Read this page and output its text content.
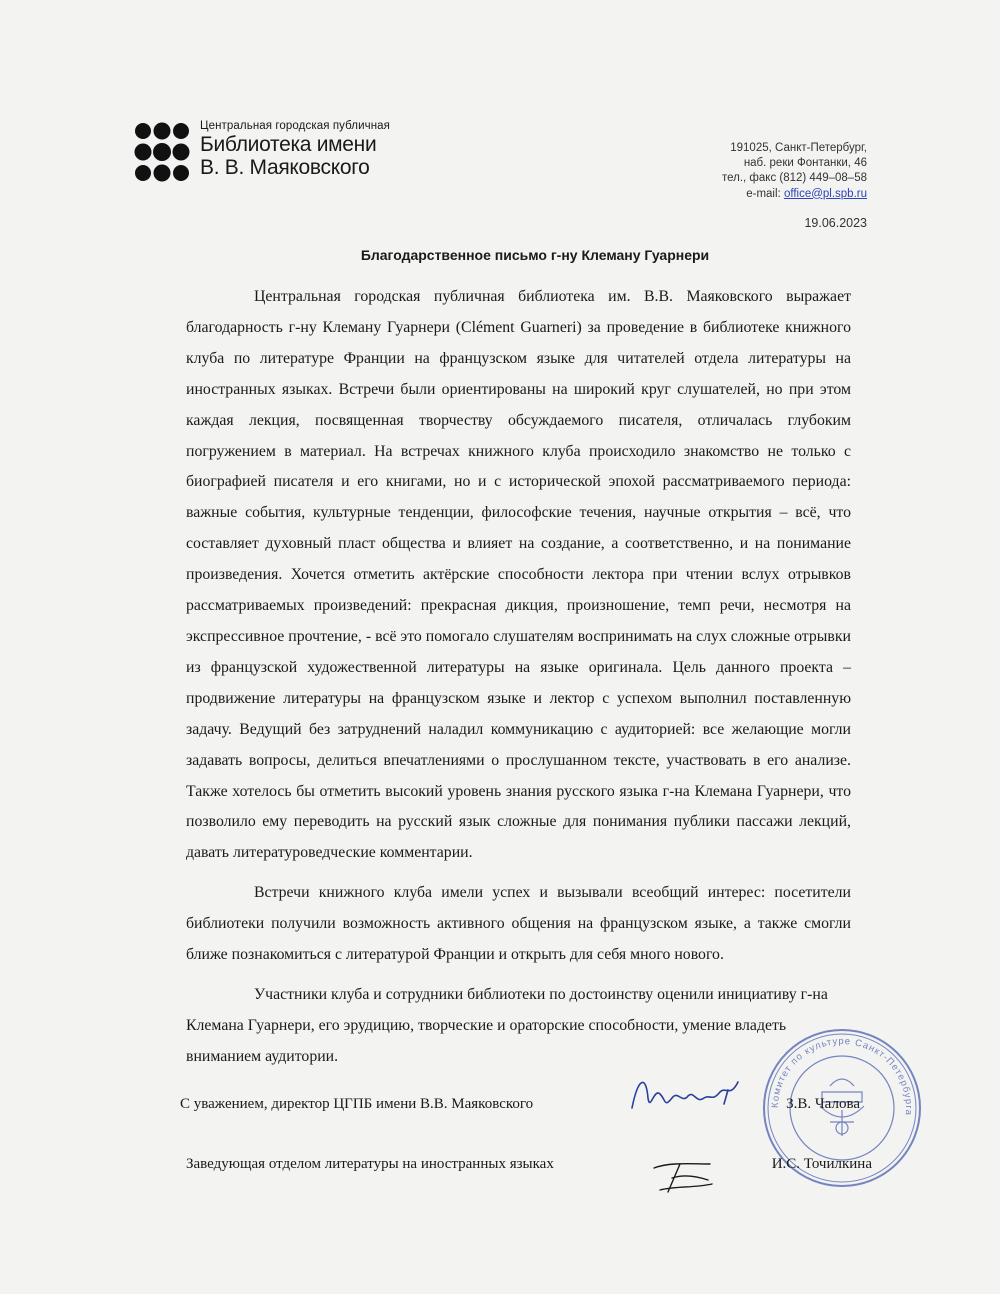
Центральная городская публичная
Библиотека имени
В. В. Маяковского
191025, Санкт-Петербург,
наб. реки Фонтанки, 46
тел., факс (812) 449–08–58
e-mail: office@pl.spb.ru
19.06.2023
Благодарственное письмо г-ну Клеману Гуарнери

Центральная городская публичная библиотека им. В.В. Маяковского выражает благодарность г-ну Клеману Гуарнери (Clément Guarneri) за проведение в библиотеке книжного клуба по литературе Франции на французском языке для читателей отдела литературы на иностранных языках. Встречи были ориентированы на широкий круг слушателей, но при этом каждая лекция, посвященная творчеству обсуждаемого писателя, отличалась глубоким погружением в материал. На встречах книжного клуба происходило знакомство не только с биографией писателя и его книгами, но и с исторической эпохой рассматриваемого периода: важные события, культурные тенденции, философские течения, научные открытия – всё, что составляет духовный пласт общества и влияет на создание, а соответственно, и на понимание произведения. Хочется отметить актёрские способности лектора при чтении вслух отрывков рассматриваемых произведений: прекрасная дикция, произношение, темп речи, несмотря на экспрессивное прочтение, - всё это помогало слушателям воспринимать на слух сложные отрывки из французской художественной литературы на языке оригинала. Цель данного проекта – продвижение литературы на французском языке и лектор с успехом выполнил поставленную задачу. Ведущий без затруднений наладил коммуникацию с аудиторией: все желающие могли задавать вопросы, делиться впечатлениями о прослушанном тексте, участвовать в его анализе. Также хотелось бы отметить высокий уровень знания русского языка г-на Клемана Гуарнери, что позволило ему переводить на русский язык сложные для понимания публики пассажи лекций, давать литературоведческие комментарии.

Встречи книжного клуба имели успех и вызывали всеобщий интерес: посетители библиотеки получили возможность активного общения на французском языке, а также смогли ближе познакомиться с литературой Франции и открыть для себя много нового.

Участники клуба и сотрудники библиотеки по достоинству оценили инициативу г-на Клемана Гуарнери, его эрудицию, творческие и ораторские способности, умение владеть вниманием аудитории.

Комитет по культуре Санкт-Петербурга
С уважением, директор ЦГПБ имени В.В. Маяковского	З.В. Чалова
Заведующая отделом литературы на иностранных языках	И.С. Точилкина
